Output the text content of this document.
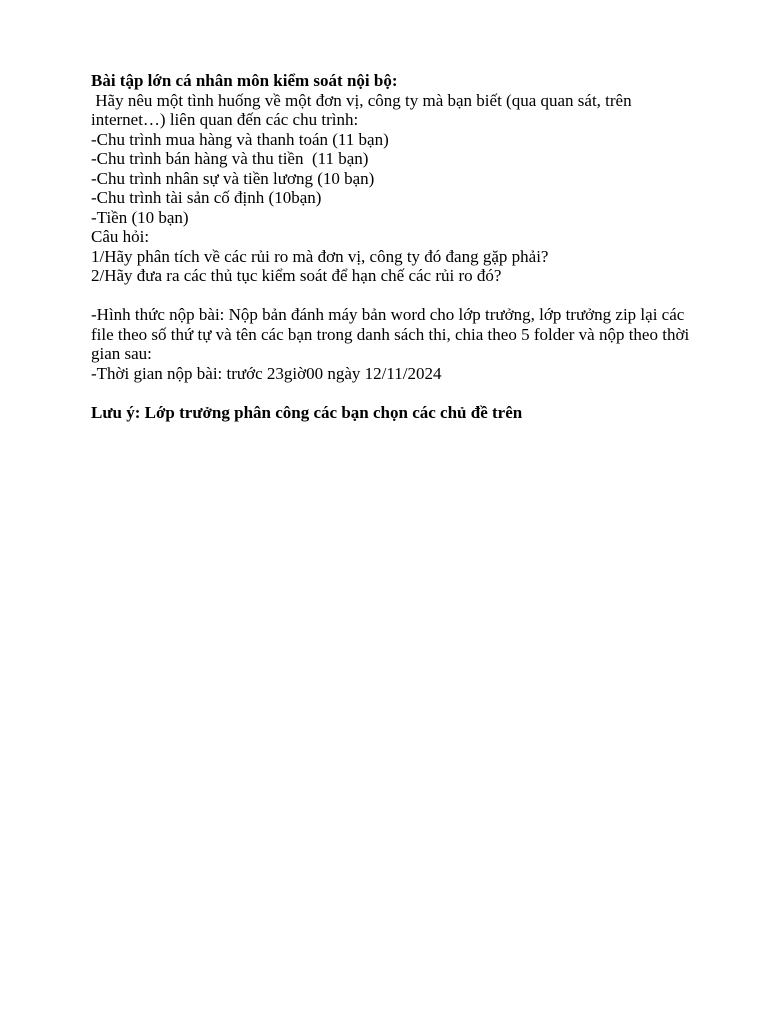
Bài tập lớn cá nhân môn kiểm soát nội bộ:

Hãy nêu một tình huống về một đơn vị, công ty mà bạn biết (qua quan sát, trên internet…) liên quan đến các chu trình:

-Chu trình mua hàng và thanh toán (11 bạn)

-Chu trình bán hàng và thu tiền  (11 bạn)

-Chu trình nhân sự và tiền lương (10 bạn)

-Chu trình tài sản cố định (10bạn)

-Tiền (10 bạn)

Câu hỏi:

1/Hãy phân tích về các rủi ro mà đơn vị, công ty đó đang gặp phải?

2/Hãy đưa ra các thủ tục kiểm soát để hạn chế các rủi ro đó?

-Hình thức nộp bài: Nộp bản đánh máy bản word cho lớp trưởng, lớp trưởng zip lại các file theo số thứ tự và tên các bạn trong danh sách thi, chia theo 5 folder và nộp theo thời gian sau:

-Thời gian nộp bài: trước 23giờ00 ngày 12/11/2024

Lưu ý: Lớp trưởng phân công các bạn chọn các chủ đề trên
